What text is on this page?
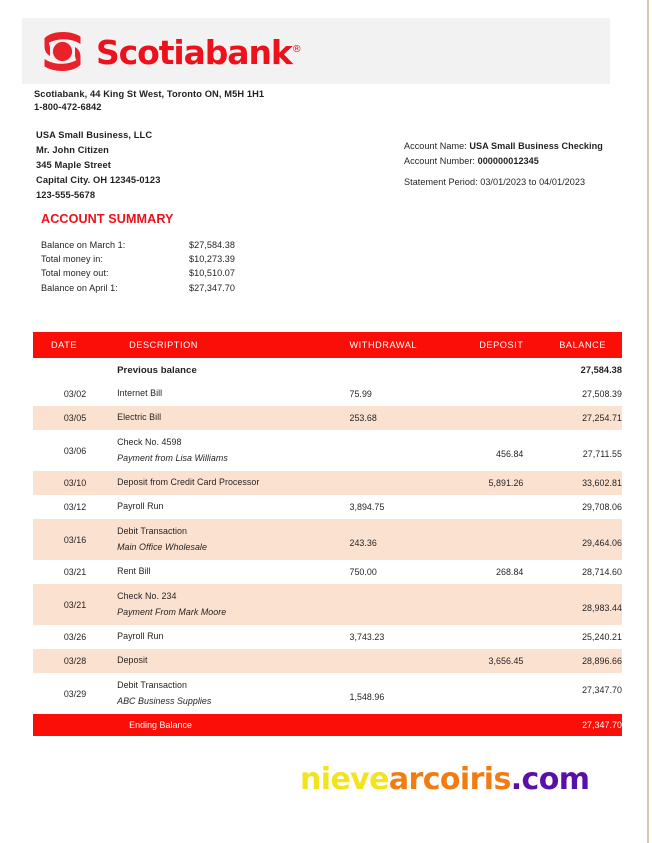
Scotiabank®
Scotiabank, 44 King St West, Toronto ON, M5H 1H1
1-800-472-6842
USA Small Business, LLC
Mr. John Citizen
345 Maple Street
Capital City. OH 12345-0123
123-555-5678
Account Name: USA Small Business Checking
Account Number: 000000012345
Statement Period: 03/01/2023 to 04/01/2023
ACCOUNT SUMMARY
Balance on March 1:	$27,584.38
Total money in:	$10,273.39
Total money out:	$10,510.07
Balance on April 1:	$27,347.70
DATE	DESCRIPTION	WITHDRAWAL	DEPOSIT	BALANCE
	Previous balance			27,584.38
03/02	Internet Bill	75.99		27,508.39
03/05	Electric Bill	253.68		27,254.71
03/06	Check No. 4598
Payment from Lisa Williams		456.84	27,711.55
03/10	Deposit from Credit Card Processor		5,891.26	33,602.81
03/12	Payroll Run	3,894.75		29,708.06
03/16	Debit Transaction
Main Office Wholesale	243.36		29,464.06
03/21	Rent Bill	750.00	268.84	28,714.60
03/21	Check No. 234
Payment From Mark Moore			28,983.44
03/26	Payroll Run	3,743.23		25,240.21
03/28	Deposit		3,656.45	28,896.66
03/29	Debit Transaction
ABC Business Supplies	1,548.96		27,347.70
	Ending Balance			27,347.70
nievearcoiris.com
